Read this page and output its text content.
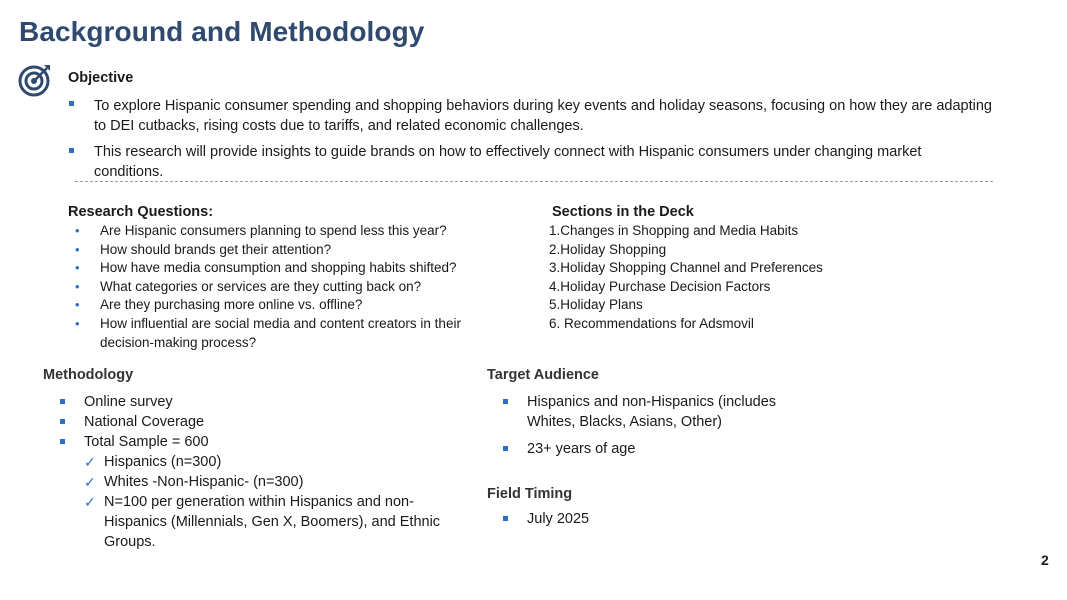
Background and Methodology
Objective
To explore Hispanic consumer spending and shopping behaviors during key events and holiday seasons, focusing on how they are adapting to DEI cutbacks, rising costs due to tariffs, and related economic challenges.
This research will provide insights to guide brands on how to effectively connect with Hispanic consumers under changing market conditions.
Research Questions:
• Are Hispanic consumers planning to spend less this year?
• How should brands get their attention?
• How have media consumption and shopping habits shifted?
• What categories or services are they cutting back on?
• Are they purchasing more online vs. offline?
• How influential are social media and content creators in their decision-making process?
Sections in the Deck
1.Changes in Shopping and Media Habits
2.Holiday Shopping
3.Holiday Shopping Channel and Preferences
4.Holiday Purchase Decision Factors
5.Holiday Plans
6. Recommendations for Adsmovil
Methodology
Online survey
National Coverage
Total Sample = 600
✓ Hispanics (n=300)
✓ Whites -Non-Hispanic- (n=300)
✓ N=100 per generation within Hispanics and non-Hispanics (Millennials, Gen X, Boomers), and Ethnic Groups.
Target Audience
Hispanics and non-Hispanics (includes Whites, Blacks, Asians, Other)
23+ years of age
Field Timing
July 2025
2
